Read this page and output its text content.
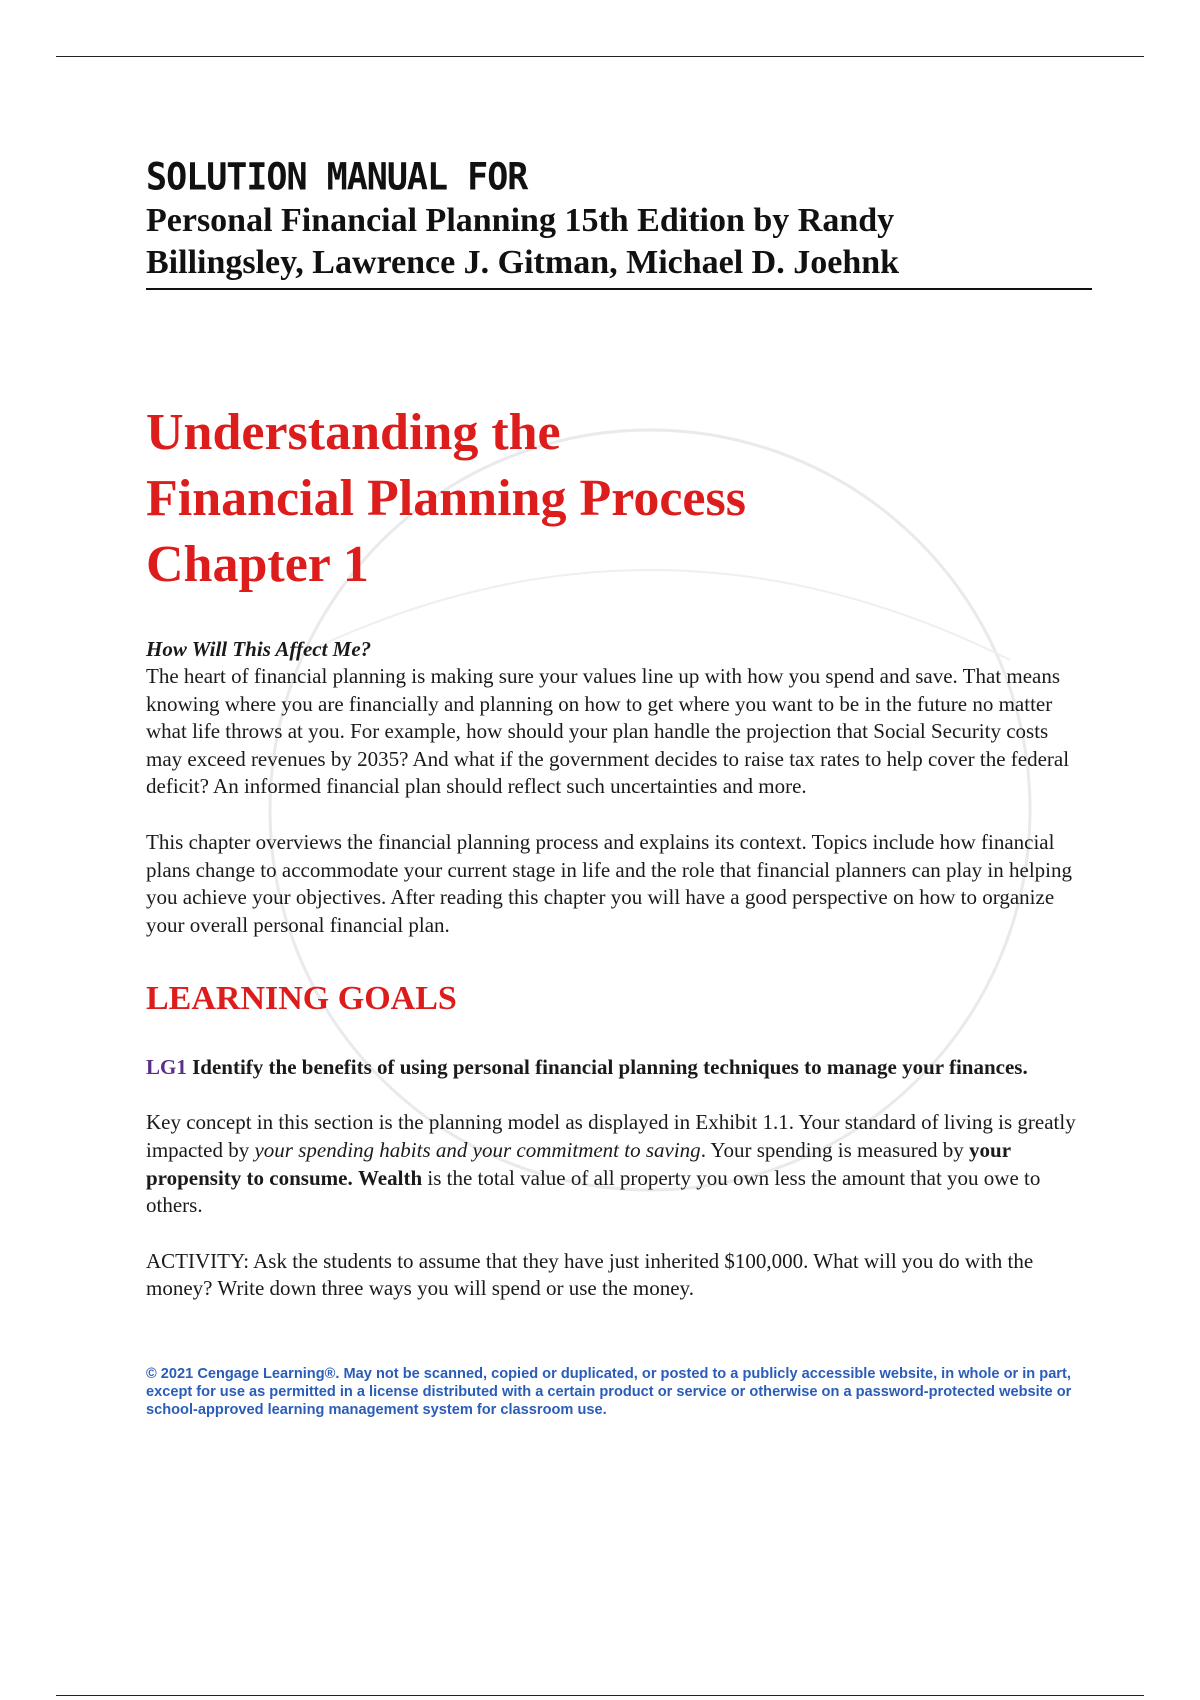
SOLUTION MANUAL FOR
Personal Financial Planning 15th Edition by Randy
Billingsley, Lawrence J. Gitman, Michael D. Joehnk
Understanding the
Financial Planning Process
Chapter 1
How Will This Affect Me?

The heart of financial planning is making sure your values line up with how you spend and save. That means knowing where you are financially and planning on how to get where you want to be in the future no matter what life throws at you. For example, how should your plan handle the projection that Social Security costs may exceed revenues by 2035? And what if the government decides to raise tax rates to help cover the federal deficit? An informed financial plan should reflect such uncertainties and more.

This chapter overviews the financial planning process and explains its context. Topics include how financial plans change to accommodate your current stage in life and the role that financial planners can play in helping you achieve your objectives. After reading this chapter you will have a good perspective on how to organize your overall personal financial plan.

LEARNING GOALS
LG1 Identify the benefits of using personal financial planning techniques to manage your finances.

Key concept in this section is the planning model as displayed in Exhibit 1.1. Your standard of living is greatly impacted by your spending habits and your commitment to saving. Your spending is measured by your propensity to consume. Wealth is the total value of all property you own less the amount that you owe to others.

ACTIVITY: Ask the students to assume that they have just inherited $100,000. What will you do with the money? Write down three ways you will spend or use the money.

© 2021 Cengage Learning®. May not be scanned, copied or duplicated, or posted to a publicly accessible website, in whole or in part, except for use as permitted in a license distributed with a certain product or service or otherwise on a password-protected website or school-approved learning management system for classroom use.
